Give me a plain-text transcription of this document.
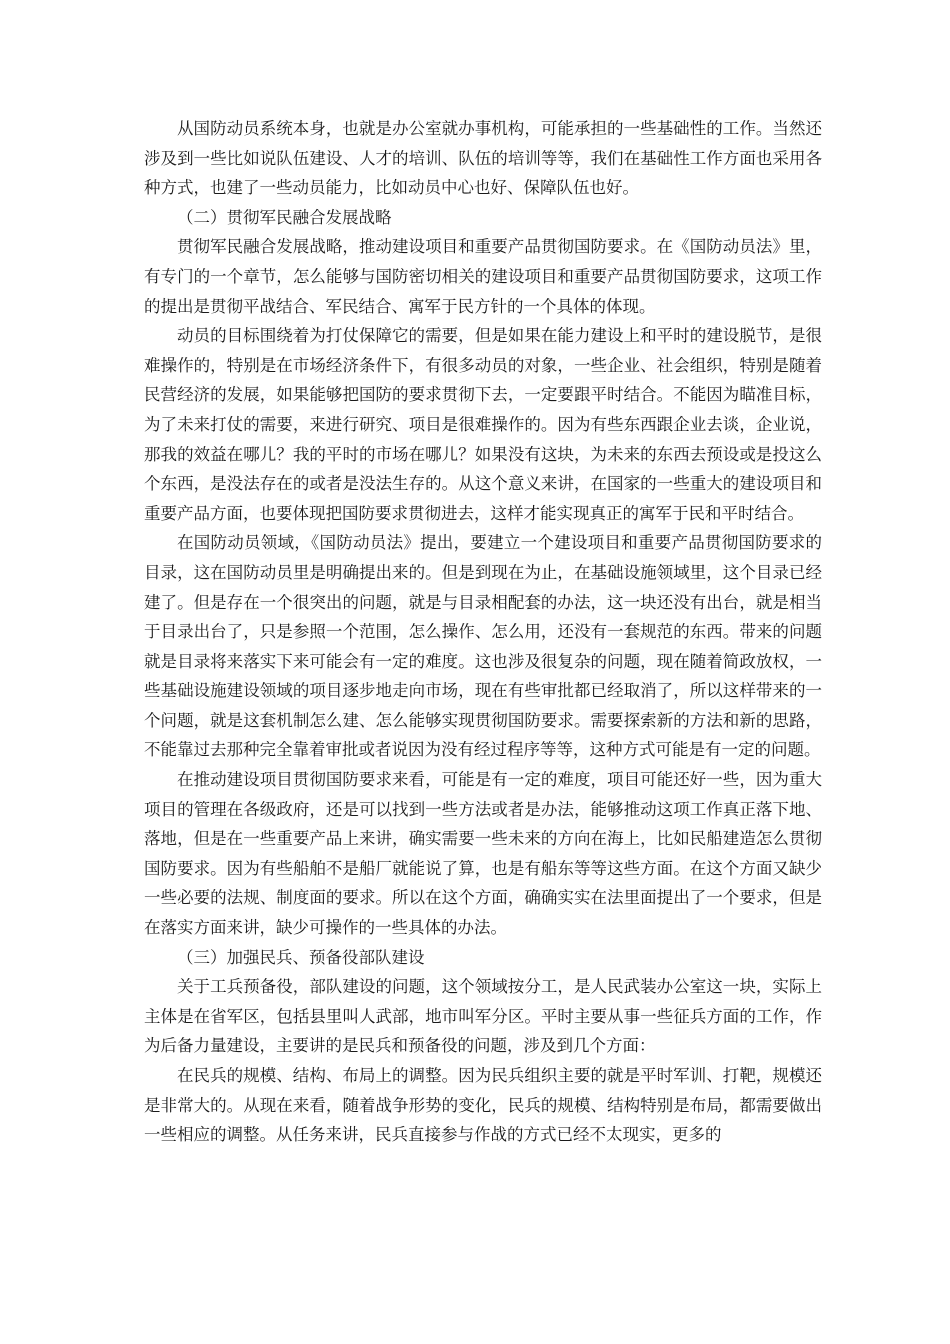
从国防动员系统本身，也就是办公室就办事机构，可能承担的一些基础性的工作。当然还涉及到一些比如说队伍建设、人才的培训、队伍的培训等等，我们在基础性工作方面也采用各种方式，也建了一些动员能力，比如动员中心也好、保障队伍也好。

（二）贯彻军民融合发展战略

贯彻军民融合发展战略，推动建设项目和重要产品贯彻国防要求。在《国防动员法》里，有专门的一个章节，怎么能够与国防密切相关的建设项目和重要产品贯彻国防要求，这项工作的提出是贯彻平战结合、军民结合、寓军于民方针的一个具体的体现。

动员的目标围绕着为打仗保障它的需要，但是如果在能力建设上和平时的建设脱节，是很难操作的，特别是在市场经济条件下，有很多动员的对象，一些企业、社会组织，特别是随着民营经济的发展，如果能够把国防的要求贯彻下去，一定要跟平时结合。不能因为瞄准目标，为了未来打仗的需要，来进行研究、项目是很难操作的。因为有些东西跟企业去谈，企业说，那我的效益在哪儿？我的平时的市场在哪儿？如果没有这块，为未来的东西去预设或是投这么个东西，是没法存在的或者是没法生存的。从这个意义来讲，在国家的一些重大的建设项目和重要产品方面，也要体现把国防要求贯彻进去，这样才能实现真正的寓军于民和平时结合。

在国防动员领域，《国防动员法》提出，要建立一个建设项目和重要产品贯彻国防要求的目录，这在国防动员里是明确提出来的。但是到现在为止，在基础设施领域里，这个目录已经建了。但是存在一个很突出的问题，就是与目录相配套的办法，这一块还没有出台，就是相当于目录出台了，只是参照一个范围，怎么操作、怎么用，还没有一套规范的东西。带来的问题就是目录将来落实下来可能会有一定的难度。这也涉及很复杂的问题，现在随着简政放权，一些基础设施建设领域的项目逐步地走向市场，现在有些审批都已经取消了，所以这样带来的一个问题，就是这套机制怎么建、怎么能够实现贯彻国防要求。需要探索新的方法和新的思路，不能靠过去那种完全靠着审批或者说因为没有经过程序等等，这种方式可能是有一定的问题。

在推动建设项目贯彻国防要求来看，可能是有一定的难度，项目可能还好一些，因为重大项目的管理在各级政府，还是可以找到一些方法或者是办法，能够推动这项工作真正落下地、落地，但是在一些重要产品上来讲，确实需要一些未来的方向在海上，比如民船建造怎么贯彻国防要求。因为有些船舶不是船厂就能说了算，也是有船东等等这些方面。在这个方面又缺少一些必要的法规、制度面的要求。所以在这个方面，确确实实在法里面提出了一个要求，但是在落实方面来讲，缺少可操作的一些具体的办法。

（三）加强民兵、预备役部队建设

关于工兵预备役，部队建设的问题，这个领域按分工，是人民武装办公室这一块，实际上主体是在省军区，包括县里叫人武部，地市叫军分区。平时主要从事一些征兵方面的工作，作为后备力量建设，主要讲的是民兵和预备役的问题，涉及到几个方面：

在民兵的规模、结构、布局上的调整。因为民兵组织主要的就是平时军训、打靶，规模还是非常大的。从现在来看，随着战争形势的变化，民兵的规模、结构特别是布局，都需要做出一些相应的调整。从任务来讲，民兵直接参与作战的方式已经不太现实，更多的
